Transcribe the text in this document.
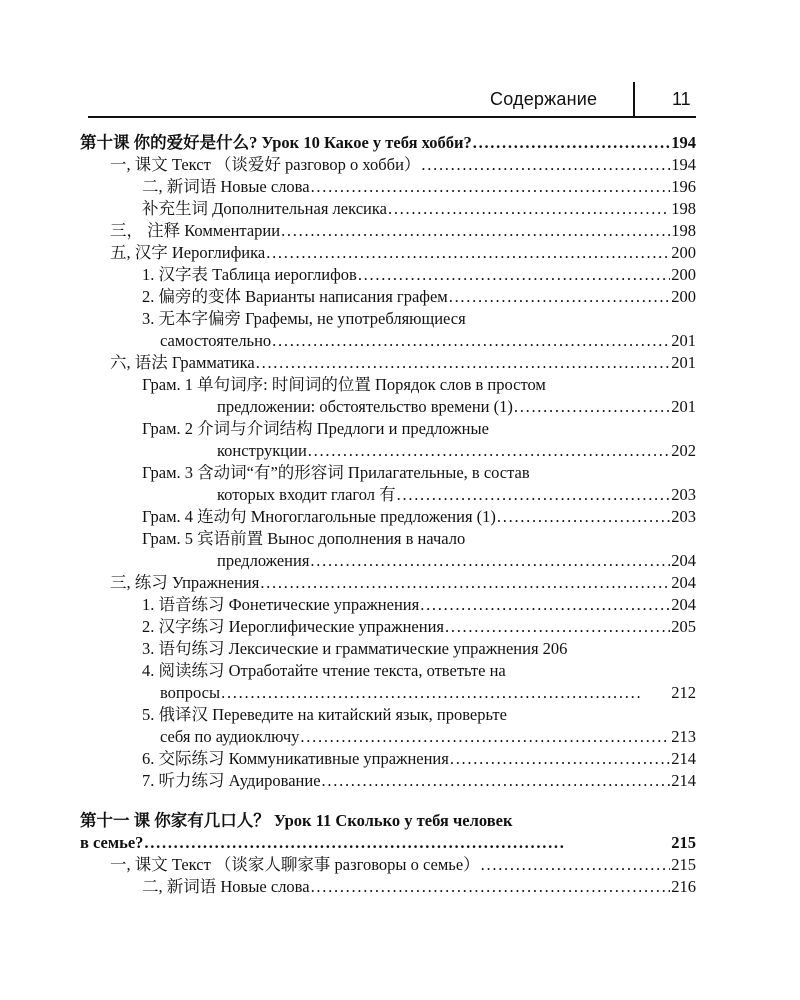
Содержание	11
第十课 你的爱好是什么? Урок 10 Какое у тебя хобби? . . .	194
一, 课文 Текст （谈爱好 разговор о хобби） . . .	194
二, 新词语 Новые слова . . .	196
补充生词 Дополнительная лексика . . .	198
三， 注释 Комментарии . . .	198
五, 汉字 Иероглифика . . .	200
1. 汉字表 Таблица иероглифов . . .	200
2. 偏旁的变体 Варианты написания графем . . .	200
3. 无本字偏旁 Графемы, не употребляющиеся
самостоятельно . . .	201
六, 语法 Грамматика . . .	201
Грам. 1 单句词序: 时间词的位置 Порядок слов в простом
предложении: обстоятельство времени (1) . . .	201
Грам. 2 介词与介词结构 Предлоги и предложные
конструкции . . .	202
Грам. 3 含动词“有”的形容词 Прилагательные, в состав
которых входит глагол 有 . . .	203
Грам. 4 连动句 Многоглагольные предложения (1) . . .	203
Грам. 5 宾语前置 Вынос дополнения в начало
предложения . . .	204
三, 练习 Упражнения . . .	204
1. 语音练习 Фонетические упражнения . . .	204
2. 汉字练习 Иероглифические упражнения . . .	205
3. 语句练习 Лексические и грамматические упражнения 206
4. 阅读练习 Отработайте чтение текста, ответьте на
вопросы . . .	212
5. 俄译汉 Переведите на китайский язык, проверьте
себя по аудиоключу . . .	213
6. 交际练习 Коммуникативные упражнения . . .	214
7. 听力练习 Аудирование . . .	214
第十一 课 你家有几口人？ Урок 11 Сколько у тебя человек
в семье? . . .	215
一, 课文 Текст （谈家人聊家事 разговоры о семье） . . .	215
二, 新词语 Новые слова . . .	216
